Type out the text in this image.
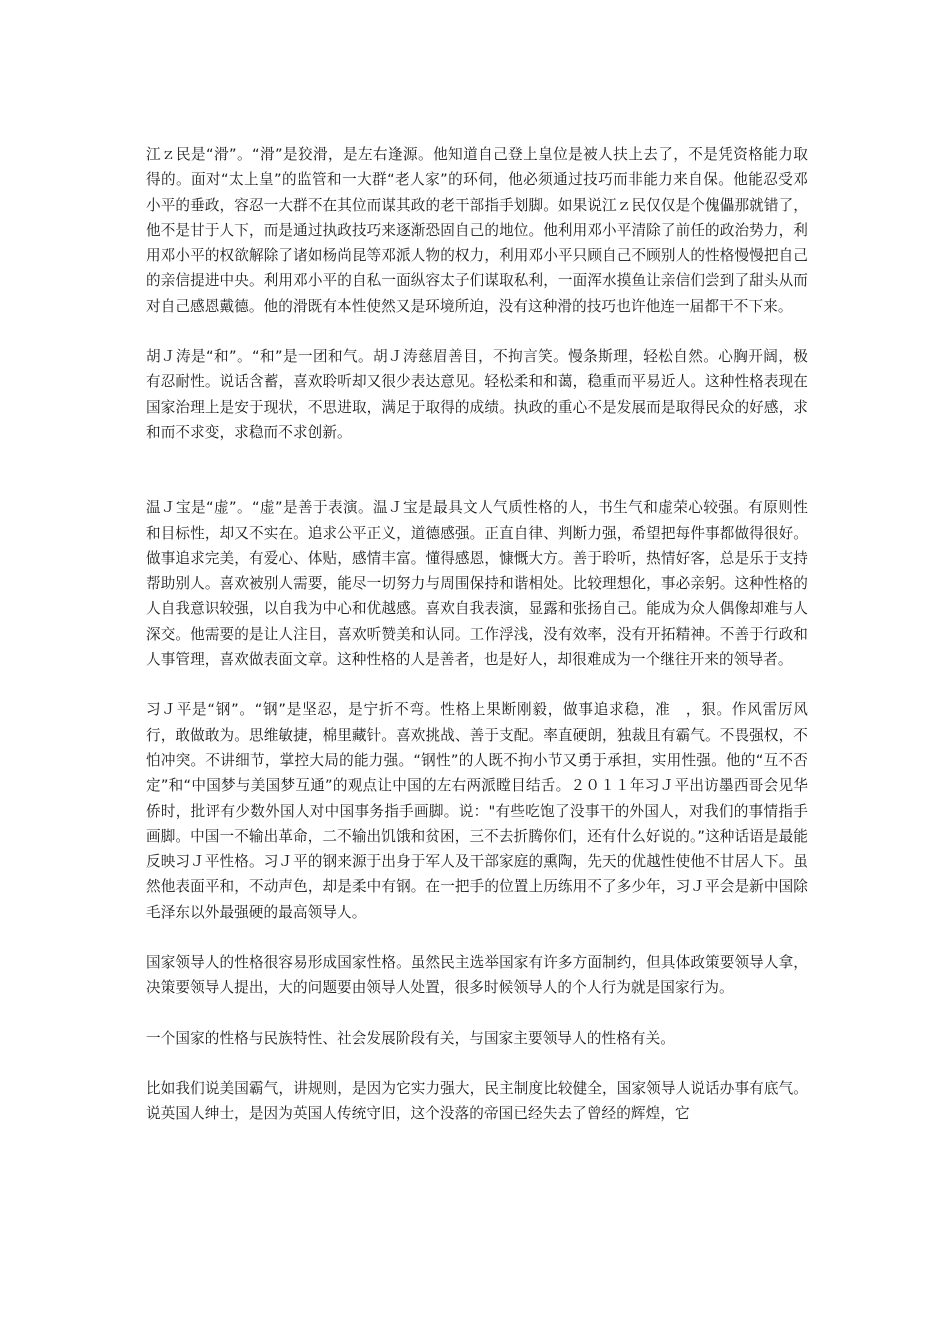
江ｚ民是“滑”。“滑”是狡滑，是左右逢源。他知道自己登上皇位是被人扶上去了，不是凭资格能力取得的。面对“太上皇”的监管和一大群“老人家”的环伺，他必须通过技巧而非能力来自保。他能忍受邓小平的垂政，容忍一大群不在其位而谋其政的老干部指手划脚。如果说江ｚ民仅仅是个傀儡那就错了，他不是甘于人下，而是通过执政技巧来逐渐恐固自己的地位。他利用邓小平清除了前任的政治势力，利用邓小平的权欲解除了诸如杨尚昆等邓派人物的权力，利用邓小平只顾自己不顾别人的性格慢慢把自己的亲信提进中央。利用邓小平的自私一面纵容太子们谋取私利，一面浑水摸鱼让亲信们尝到了甜头从而对自己感恩戴德。他的滑既有本性使然又是环境所迫，没有这种滑的技巧也许他连一届都干不下来。

胡Ｊ涛是“和”。“和”是一团和气。胡Ｊ涛慈眉善目，不拘言笑。慢条斯理，轻松自然。心胸开阔，极有忍耐性。说话含蓄，喜欢聆听却又很少表达意见。轻松柔和和蔼，稳重而平易近人。这种性格表现在国家治理上是安于现状，不思进取，满足于取得的成绩。执政的重心不是发展而是取得民众的好感，求和而不求变，求稳而不求创新。

温Ｊ宝是“虚”。“虚”是善于表演。温Ｊ宝是最具文人气质性格的人，书生气和虚荣心较强。有原则性和目标性，却又不实在。追求公平正义，道德感强。正直自律、判断力强，希望把每件事都做得很好。做事追求完美，有爱心、体贴，感情丰富。懂得感恩，慷慨大方。善于聆听，热情好客，总是乐于支持帮助别人。喜欢被别人需要，能尽一切努力与周围保持和谐相处。比较理想化，事必亲躬。这种性格的人自我意识较强，以自我为中心和优越感。喜欢自我表演，显露和张扬自己。能成为众人偶像却难与人深交。他需要的是让人注目，喜欢听赞美和认同。工作浮浅，没有效率，没有开拓精神。不善于行政和人事管理，喜欢做表面文章。这种性格的人是善者，也是好人，却很难成为一个继往开来的领导者。

习Ｊ平是“钢”。“钢”是坚忍，是宁折不弯。性格上果断刚毅，做事追求稳，准　，狠。作风雷厉风行，敢做敢为。思维敏捷，棉里藏针。喜欢挑战、善于支配。率直硬朗，独裁且有霸气。不畏强权，不怕冲突。不讲细节，掌控大局的能力强。“钢性”的人既不拘小节又勇于承担，实用性强。他的“互不否定”和“中国梦与美国梦互通”的观点让中国的左右两派瞠目结舌。２０１１年习Ｊ平出访墨西哥会见华侨时，批评有少数外国人对中国事务指手画脚。说："有些吃饱了没事干的外国人，对我们的事情指手画脚。中国一不输出革命，二不输出饥饿和贫困，三不去折腾你们，还有什么好说的。”这种话语是最能反映习Ｊ平性格。习Ｊ平的钢来源于出身于军人及干部家庭的熏陶，先天的优越性使他不甘居人下。虽然他表面平和，不动声色，却是柔中有钢。在一把手的位置上历练用不了多少年，习Ｊ平会是新中国除毛泽东以外最强硬的最高领导人。

国家领导人的性格很容易形成国家性格。虽然民主选举国家有许多方面制约，但具体政策要领导人拿，决策要领导人提出，大的问题要由领导人处置，很多时候领导人的个人行为就是国家行为。

一个国家的性格与民族特性、社会发展阶段有关，与国家主要领导人的性格有关。

比如我们说美国霸气，讲规则，是因为它实力强大，民主制度比较健全，国家领导人说话办事有底气。说英国人绅士，是因为英国人传统守旧，这个没落的帝国已经失去了曾经的辉煌，它
